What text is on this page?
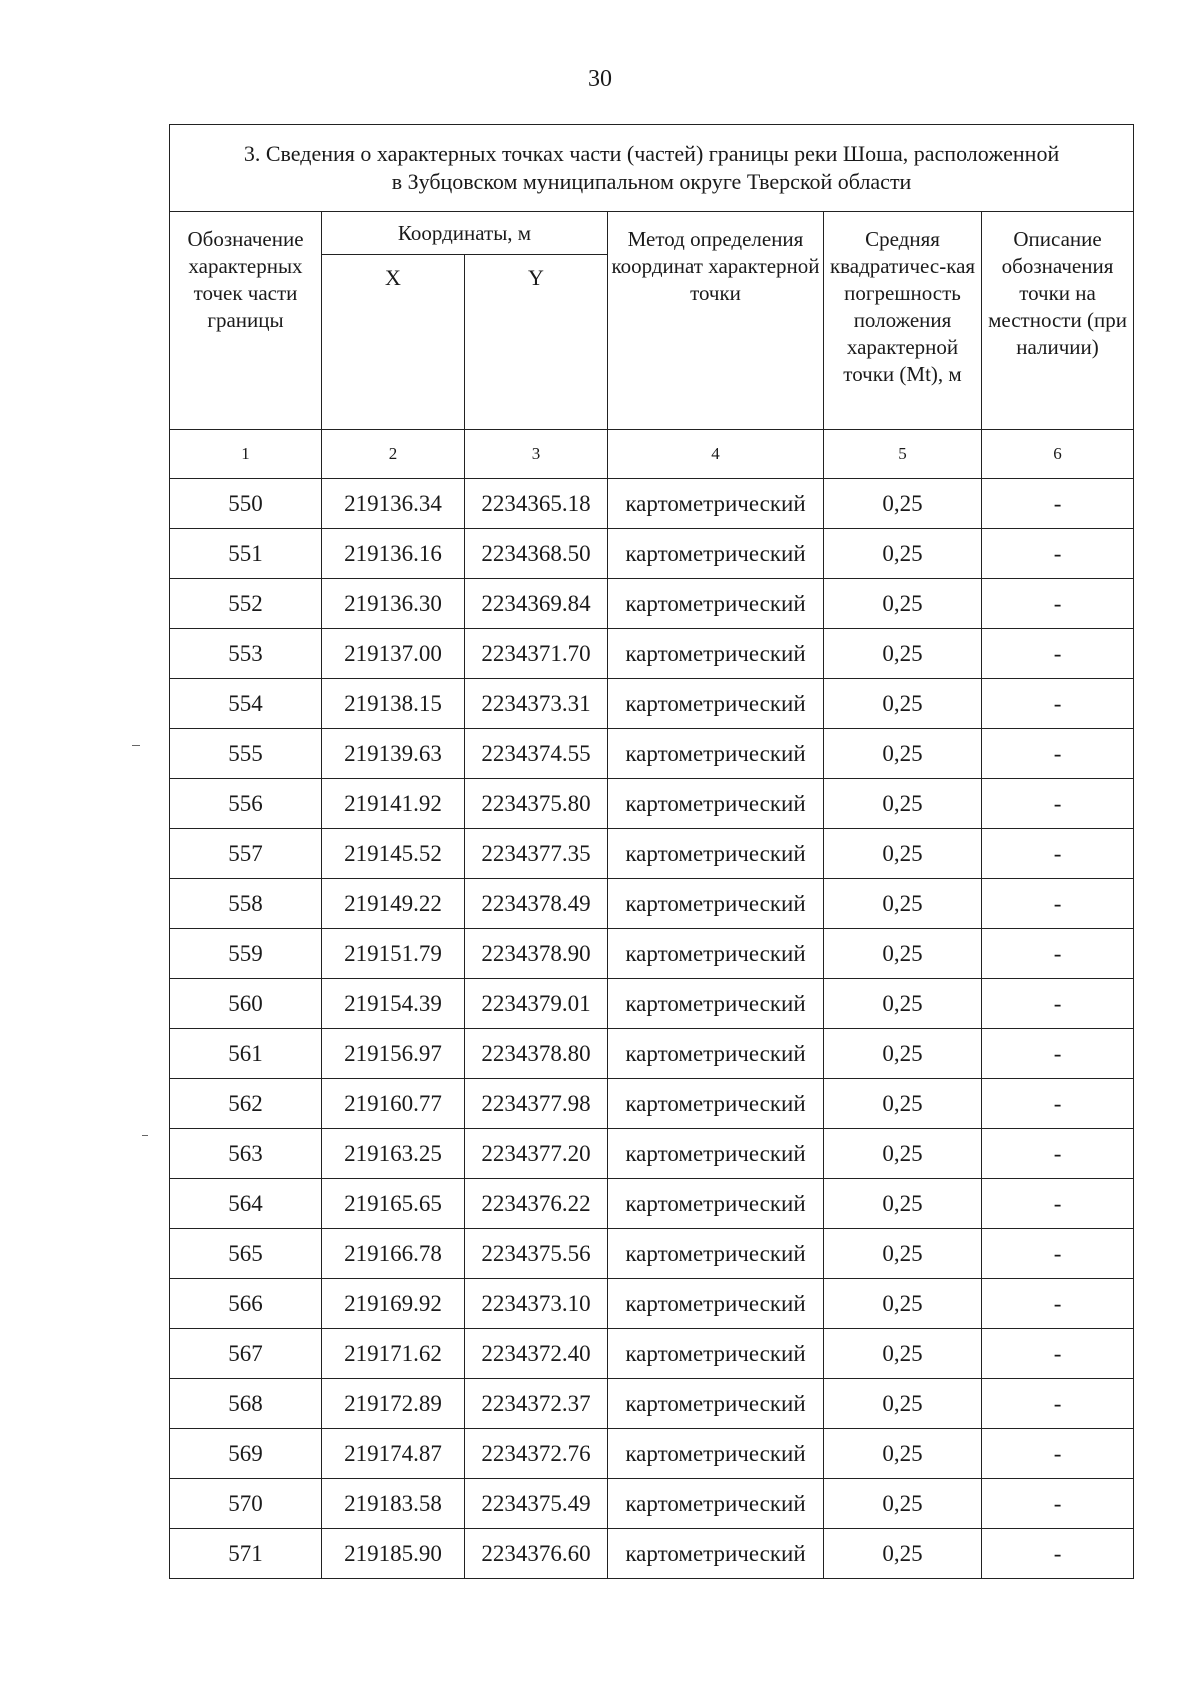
30
3. Сведения о характерных точках части (частей) границы реки Шоша, расположенной
в Зубцовском муниципальном округе Тверской области					

Обозначение характерных точек части границы	Координаты, м		Метод определения координат характерной точки	Средняя квадратичес-кая погрешность положения характерной точки (Mt), м	Описание обозначения точки на местности (при наличии)
	X	Y			
1	2	3	4	5	6
550	219136.34	2234365.18	картометрический	0,25	-
551	219136.16	2234368.50	картометрический	0,25	-
552	219136.30	2234369.84	картометрический	0,25	-
553	219137.00	2234371.70	картометрический	0,25	-
554	219138.15	2234373.31	картометрический	0,25	-
555	219139.63	2234374.55	картометрический	0,25	-
556	219141.92	2234375.80	картометрический	0,25	-
557	219145.52	2234377.35	картометрический	0,25	-
558	219149.22	2234378.49	картометрический	0,25	-
559	219151.79	2234378.90	картометрический	0,25	-
560	219154.39	2234379.01	картометрический	0,25	-
561	219156.97	2234378.80	картометрический	0,25	-
562	219160.77	2234377.98	картометрический	0,25	-
563	219163.25	2234377.20	картометрический	0,25	-
564	219165.65	2234376.22	картометрический	0,25	-
565	219166.78	2234375.56	картометрический	0,25	-
566	219169.92	2234373.10	картометрический	0,25	-
567	219171.62	2234372.40	картометрический	0,25	-
568	219172.89	2234372.37	картометрический	0,25	-
569	219174.87	2234372.76	картометрический	0,25	-
570	219183.58	2234375.49	картометрический	0,25	-
571	219185.90	2234376.60	картометрический	0,25	-
